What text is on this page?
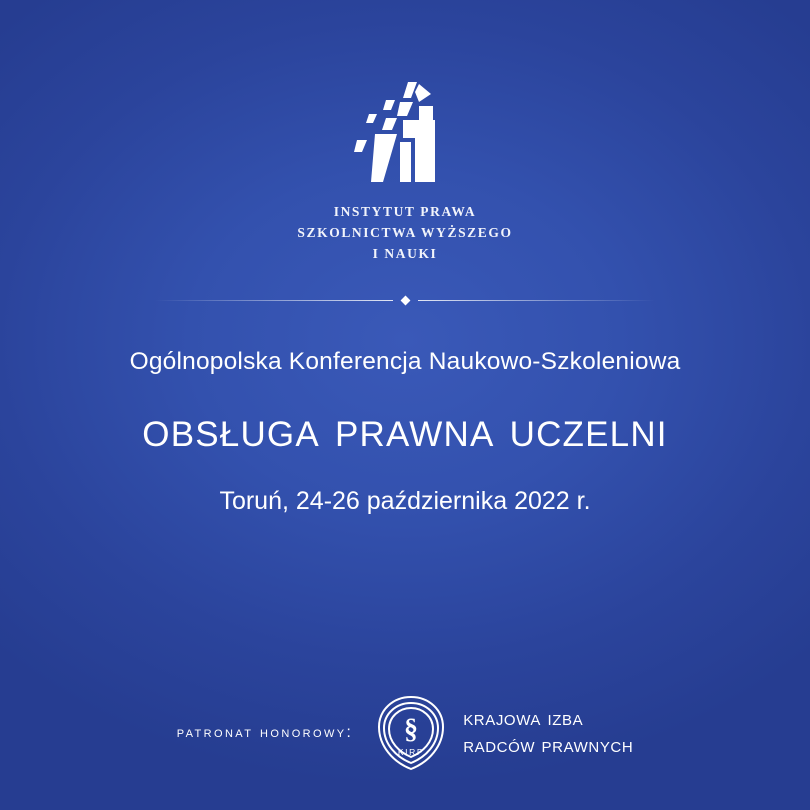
INSTYTUT PRAWA
SZKOLNICTWA WYŻSZEGO
I NAUKI
Ogólnopolska Konferencja Naukowo-Szkoleniowa
obsługa prawna uczelni
Toruń, 24-26 października 2022 r.
patronat honorowy: §
KIRP
krajowa izba
radców prawnych
